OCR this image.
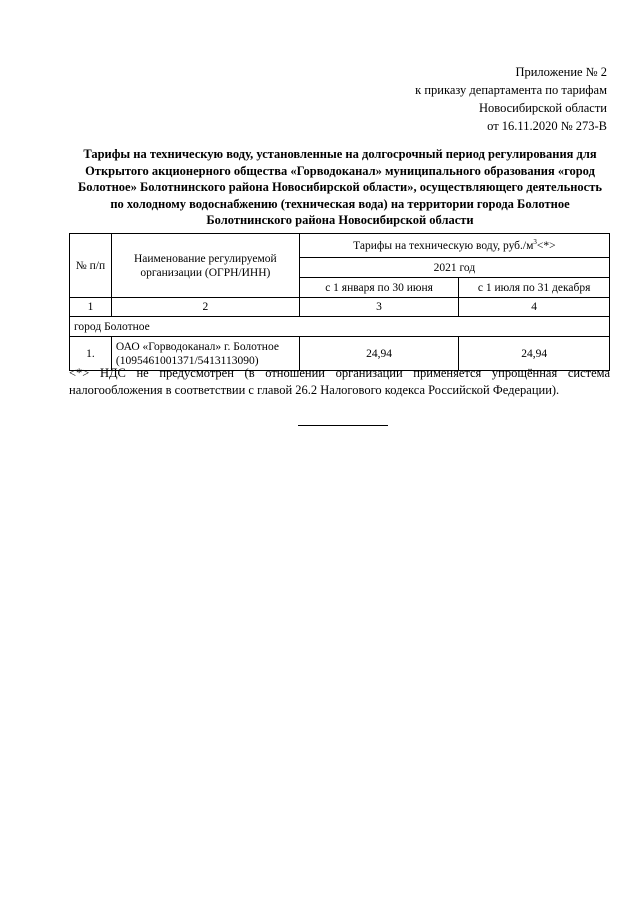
Приложение № 2
к приказу департамента по тарифам
Новосибирской области
от 16.11.2020 № 273-В
Тарифы на техническую воду, установленные на долгосрочный период регулирования для Открытого акционерного общества «Горводоканал» муниципального образования «город Болотное» Болотнинского района Новосибирской области», осуществляющего деятельность по холодному водоснабжению (техническая вода) на территории города Болотное Болотнинского района Новосибирской области
№ п/п	Наименование регулируемой организации (ОГРН/ИНН)	Тарифы на техническую воду, $руб./м^3<*>$	
		2021 год	
		с 1 января по 30 июня	с 1 июля по 31 декабря
1	2	3	4
город Болотное			
1.	ОАО «Горводоканал» г. Болотное (1095461001371/5413113090)	24,94	24,94
<*> НДС не предусмотрен (в отношении организации применяется упрощённая система налогообложения в соответствии с главой 26.2 Налогового кодекса Российской Федерации).
